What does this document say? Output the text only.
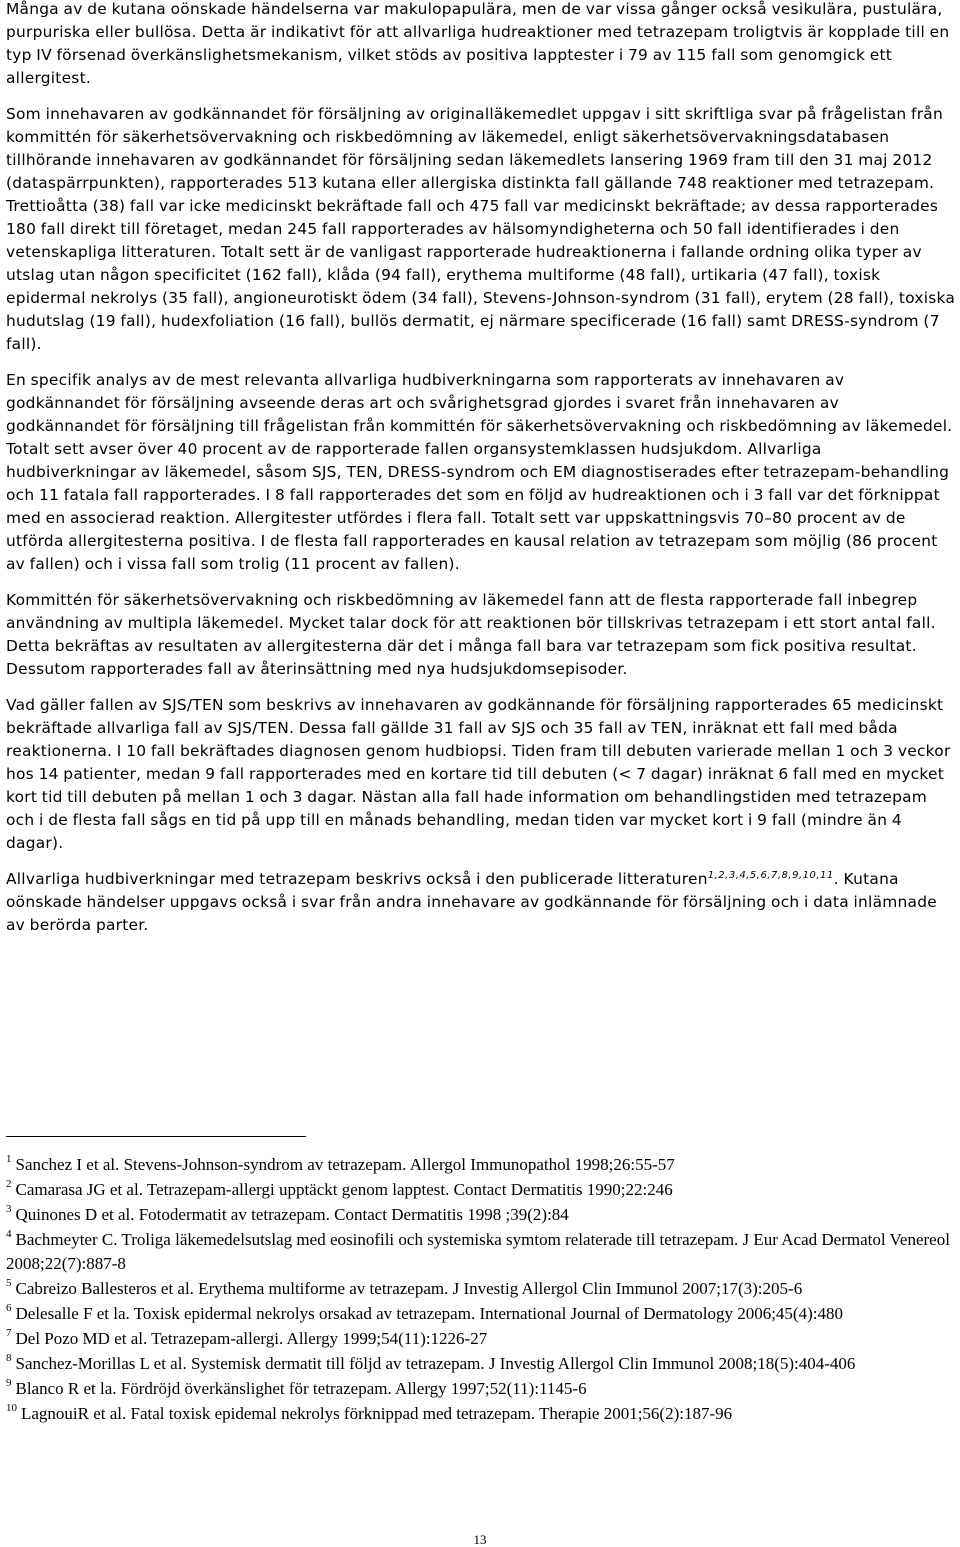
Många av de kutana oönskade händelserna var makulopapulära, men de var vissa gånger också vesikulära, pustulära, purpuriska eller bullösa. Detta är indikativt för att allvarliga hudreaktioner med tetrazepam troligtvis är kopplade till en typ IV försenad överkänslighetsmekanism, vilket stöds av positiva lapptester i 79 av 115 fall som genomgick ett allergitest.

Som innehavaren av godkännandet för försäljning av originalläkemedlet uppgav i sitt skriftliga svar på frågelistan från kommittén för säkerhetsövervakning och riskbedömning av läkemedel, enligt säkerhetsövervakningsdatabasen tillhörande innehavaren av godkännandet för försäljning sedan läkemedlets lansering 1969 fram till den 31 maj 2012 (dataspärrpunkten), rapporterades 513 kutana eller allergiska distinkta fall gällande 748 reaktioner med tetrazepam. Trettioåtta (38) fall var icke medicinskt bekräftade fall och 475 fall var medicinskt bekräftade; av dessa rapporterades 180 fall direkt till företaget, medan 245 fall rapporterades av hälsomyndigheterna och 50 fall identifierades i den vetenskapliga litteraturen. Totalt sett är de vanligast rapporterade hudreaktionerna i fallande ordning olika typer av utslag utan någon specificitet (162 fall), klåda (94 fall), erythema multiforme (48 fall), urtikaria (47 fall), toxisk epidermal nekrolys (35 fall), angioneurotiskt ödem (34 fall), Stevens-Johnson-syndrom (31 fall), erytem (28 fall), toxiska hudutslag (19 fall), hudexfoliation (16 fall), bullös dermatit, ej närmare specificerade (16 fall) samt DRESS-syndrom (7 fall).

En specifik analys av de mest relevanta allvarliga hudbiverkningarna som rapporterats av innehavaren av godkännandet för försäljning avseende deras art och svårighetsgrad gjordes i svaret från innehavaren av godkännandet för försäljning till frågelistan från kommittén för säkerhetsövervakning och riskbedömning av läkemedel. Totalt sett avser över 40 procent av de rapporterade fallen organsystemklassen hudsjukdom. Allvarliga hudbiverkningar av läkemedel, såsom SJS, TEN, DRESS-syndrom och EM diagnostiserades efter tetrazepam-behandling och 11 fatala fall rapporterades. I 8 fall rapporterades det som en följd av hudreaktionen och i 3 fall var det förknippat med en associerad reaktion. Allergitester utfördes i flera fall. Totalt sett var uppskattningsvis 70–80 procent av de utförda allergitesterna positiva. I de flesta fall rapporterades en kausal relation av tetrazepam som möjlig (86 procent av fallen) och i vissa fall som trolig (11 procent av fallen).

Kommittén för säkerhetsövervakning och riskbedömning av läkemedel fann att de flesta rapporterade fall inbegrep användning av multipla läkemedel. Mycket talar dock för att reaktionen bör tillskrivas tetrazepam i ett stort antal fall. Detta bekräftas av resultaten av allergitesterna där det i många fall bara var tetrazepam som fick positiva resultat. Dessutom rapporterades fall av återinsättning med nya hudsjukdomsepisoder.

Vad gäller fallen av SJS/TEN som beskrivs av innehavaren av godkännande för försäljning rapporterades 65 medicinskt bekräftade allvarliga fall av SJS/TEN. Dessa fall gällde 31 fall av SJS och 35 fall av TEN, inräknat ett fall med båda reaktionerna. I 10 fall bekräftades diagnosen genom hudbiopsi. Tiden fram till debuten varierade mellan 1 och 3 veckor hos 14 patienter, medan 9 fall rapporterades med en kortare tid till debuten (< 7 dagar) inräknat 6 fall med en mycket kort tid till debuten på mellan 1 och 3 dagar. Nästan alla fall hade information om behandlingstiden med tetrazepam och i de flesta fall sågs en tid på upp till en månads behandling, medan tiden var mycket kort i 9 fall (mindre än 4 dagar).

Allvarliga hudbiverkningar med tetrazepam beskrivs också i den publicerade litteraturen$^{1,2,3,4,5,6,7,8,9,10,11}$. Kutana oönskade händelser uppgavs också i svar från andra innehavare av godkännande för försäljning och i data inlämnade av berörda parter.

$^1$ Sanchez I et al. Stevens-Johnson-syndrom av tetrazepam. Allergol Immunopathol 1998;26:55-57
$^2$ Camarasa JG et al. Tetrazepam-allergi upptäckt genom lapptest. Contact Dermatitis 1990;22:246
$^3$ Quinones D et al. Fotodermatit av tetrazepam. Contact Dermatitis 1998 ;39(2):84
$^4$ Bachmeyter C. Troliga läkemedelsutslag med eosinofili och systemiska symtom relaterade till tetrazepam. J Eur Acad Dermatol Venereol 2008;22(7):887-8
$^5$ Cabreizo Ballesteros et al. Erythema multiforme av tetrazepam. J Investig Allergol Clin Immunol 2007;17(3):205-6
$^6$ Delesalle F et la. Toxisk epidermal nekrolys orsakad av tetrazepam. International Journal of Dermatology 2006;45(4):480
$^7$ Del Pozo MD et al. Tetrazepam-allergi. Allergy 1999;54(11):1226-27
$^8$ Sanchez-Morillas L et al. Systemisk dermatit till följd av tetrazepam. J Investig Allergol Clin Immunol 2008;18(5):404-406
$^9$ Blanco R et la. Fördröjd överkänslighet för tetrazepam. Allergy 1997;52(11):1145-6
$^{10}$ LagnouiR et al. Fatal toxisk epidemal nekrolys förknippad med tetrazepam. Therapie 2001;56(2):187-96
13
